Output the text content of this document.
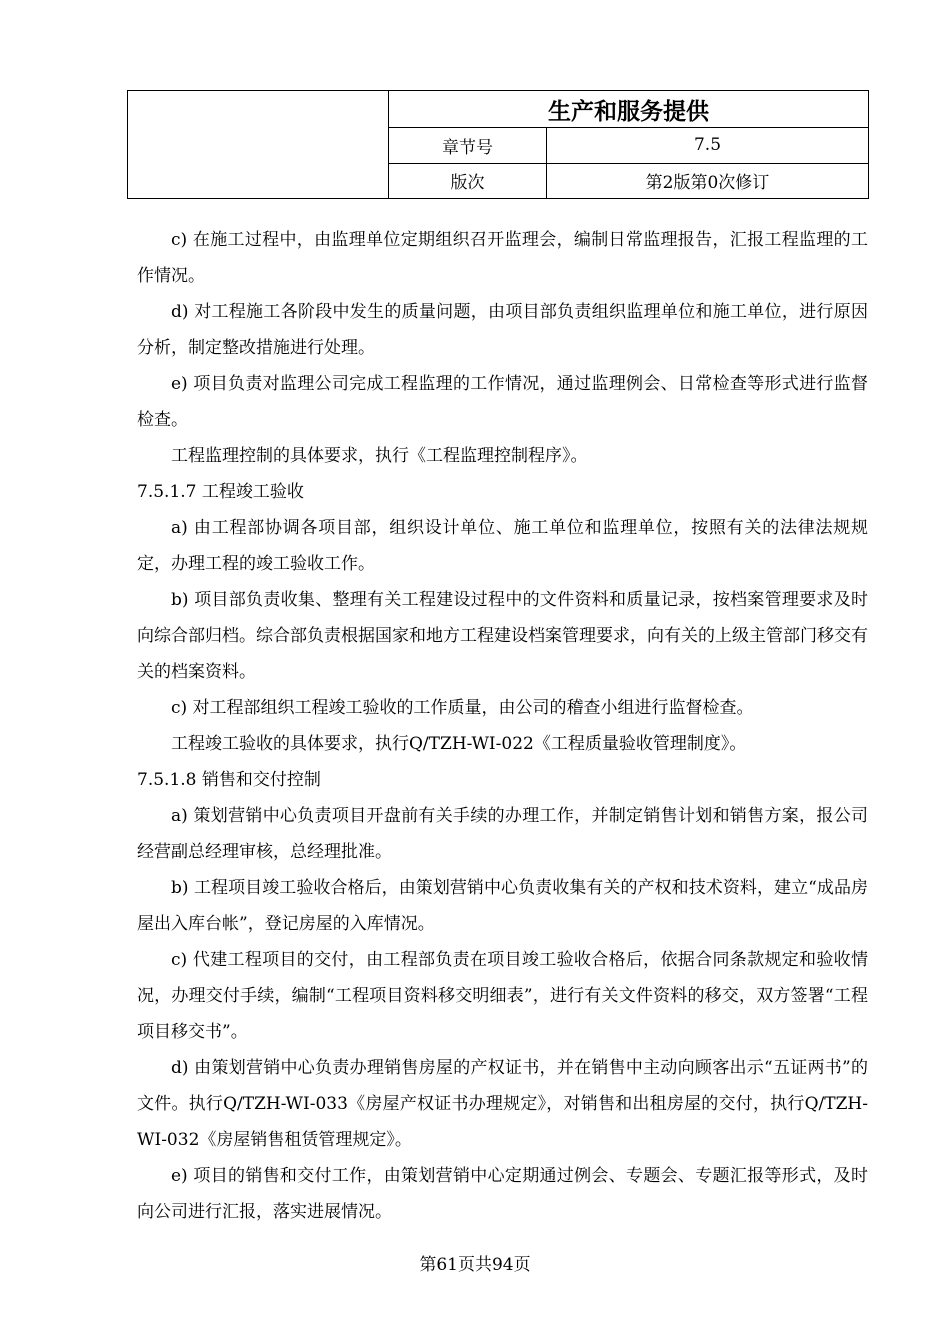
	生产和服务提供	
	章节号	7.5
	版次	第2版第0次修订

c) 在施工过程中，由监理单位定期组织召开监理会，编制日常监理报告，汇报工程监理的工作情况。

d) 对工程施工各阶段中发生的质量问题，由项目部负责组织监理单位和施工单位，进行原因分析，制定整改措施进行处理。

e) 项目负责对监理公司完成工程监理的工作情况，通过监理例会、日常检查等形式进行监督检查。

工程监理控制的具体要求，执行《工程监理控制程序》。

7.5.1.7 工程竣工验收

a) 由工程部协调各项目部，组织设计单位、施工单位和监理单位，按照有关的法律法规规定，办理工程的竣工验收工作。

b) 项目部负责收集、整理有关工程建设过程中的文件资料和质量记录，按档案管理要求及时向综合部归档。综合部负责根据国家和地方工程建设档案管理要求，向有关的上级主管部门移交有关的档案资料。

c) 对工程部组织工程竣工验收的工作质量，由公司的稽查小组进行监督检查。

工程竣工验收的具体要求，执行Q/TZH-WI-022《工程质量验收管理制度》。

7.5.1.8 销售和交付控制

a) 策划营销中心负责项目开盘前有关手续的办理工作，并制定销售计划和销售方案，报公司经营副总经理审核，总经理批准。

b) 工程项目竣工验收合格后，由策划营销中心负责收集有关的产权和技术资料，建立“成品房屋出入库台帐”，登记房屋的入库情况。

c) 代建工程项目的交付，由工程部负责在项目竣工验收合格后，依据合同条款规定和验收情况，办理交付手续，编制“工程项目资料移交明细表”，进行有关文件资料的移交，双方签署“工程项目移交书”。

d) 由策划营销中心负责办理销售房屋的产权证书，并在销售中主动向顾客出示“五证两书”的文件。执行Q/TZH-WI-033《房屋产权证书办理规定》，对销售和出租房屋的交付，执行Q/TZH-WI-032《房屋销售租赁管理规定》。

e) 项目的销售和交付工作，由策划营销中心定期通过例会、专题会、专题汇报等形式，及时向公司进行汇报，落实进展情况。

第61页共94页
